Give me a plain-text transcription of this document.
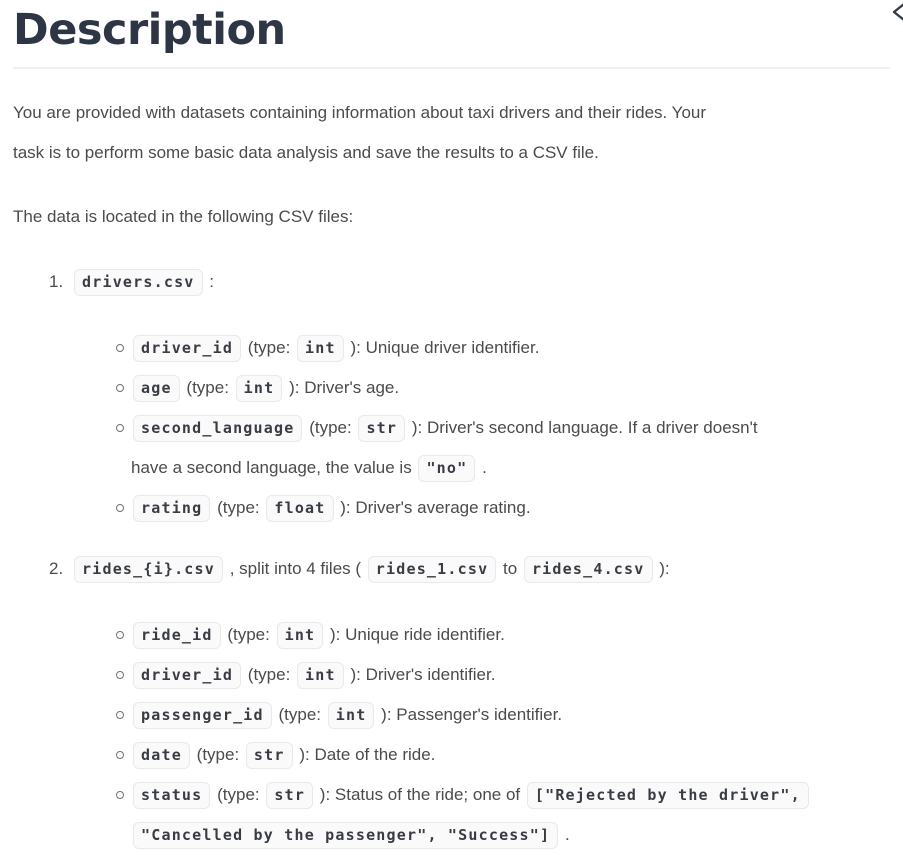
Description

You are provided with datasets containing information about taxi drivers and their rides. Your
task is to perform some basic data analysis and save the results to a CSV file.

The data is located in the following CSV files:

1. drivers.csv :
driver_id (type: int ): Unique driver identifier.
age (type: int ): Driver's age.
second_language (type: str ): Driver's second language. If a driver doesn't
have a second language, the value is "no" .
rating (type: float ): Driver's average rating.
2. rides_{i}.csv , split into 4 files ( rides_1.csv to rides_4.csv ):
ride_id (type: int ): Unique ride identifier.
driver_id (type: int ): Driver's identifier.
passenger_id (type: int ): Passenger's identifier.
date (type: str ): Date of the ride.
status (type: str ): Status of the ride; one of ["Rejected by the driver",
"Cancelled by the passenger", "Success"] .
